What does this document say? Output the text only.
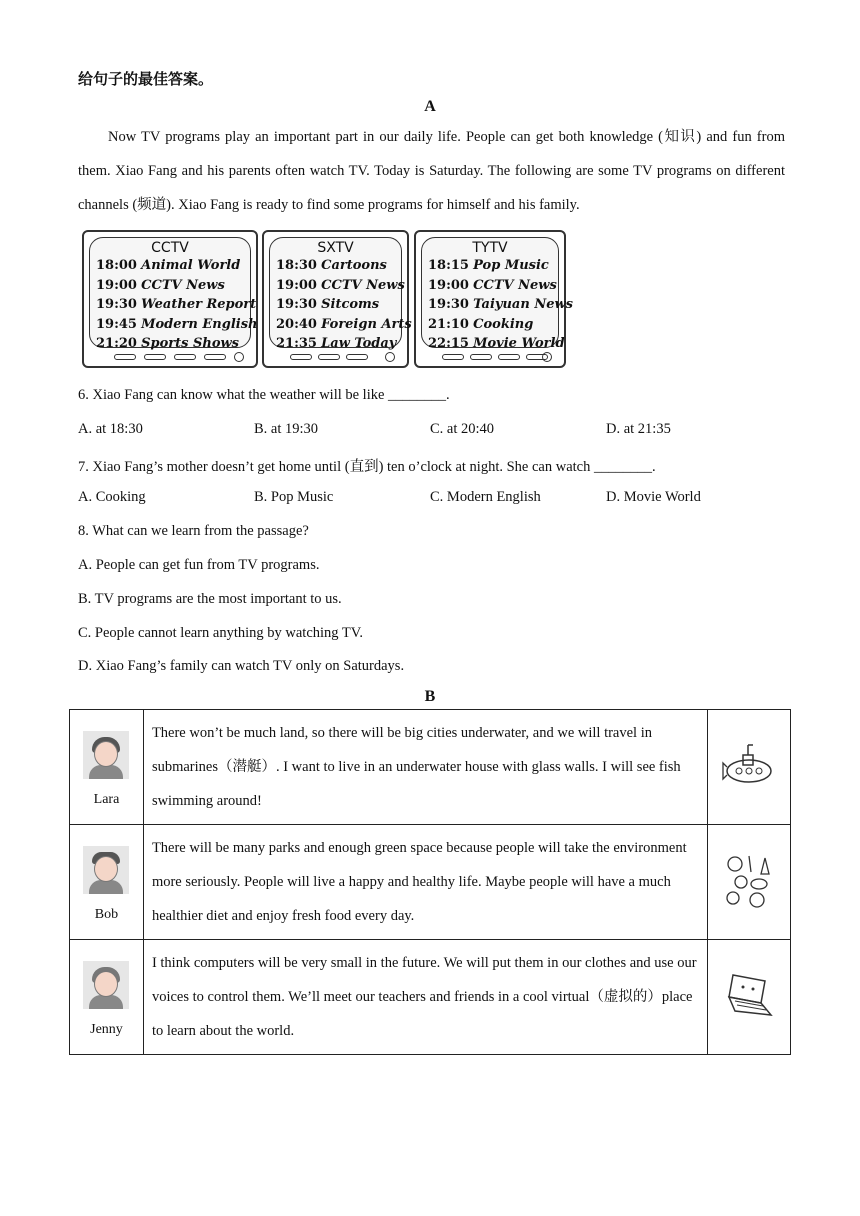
给句子的最佳答案。
A
Now TV programs play an important part in our daily life. People can get both knowledge (知识) and fun from them. Xiao Fang and his parents often watch TV. Today is Saturday. The following are some TV programs on different channels (频道). Xiao Fang is ready to find some programs for himself and his family.
CCTV
18:00 Animal World
19:00 CCTV News
19:30 Weather Report
19:45 Modern English
21:20 Sports Shows
SXTV
18:30 Cartoons
19:00 CCTV News
19:30 Sitcoms
20:40 Foreign Arts
21:35 Law Today
TYTV
18:15 Pop Music
19:00 CCTV News
19:30 Taiyuan News
21:10 Cooking
22:15 Movie World
6. Xiao Fang can know what the weather will be like ________.
A. at 18:30	B. at 19:30	C. at 20:40	D. at 21:35
7. Xiao Fang’s mother doesn’t get home until (直到) ten o’clock at night. She can watch ________.
A. Cooking	B. Pop Music	C. Modern English	D. Movie World
8. What can we learn from the passage?
A. People can get fun from TV programs.
B. TV programs are the most important to us.
C. People cannot learn anything by watching TV.
D. Xiao Fang’s family can watch TV only on Saturdays.
B
Lara	There won’t be much land, so there will be big cities underwater, and we will travel in submarines（潜艇）. I want to live in an underwater house with glass walls. I will see fish swimming around!	

Bob	There will be many parks and enough green space because people will take the environment more seriously. People will live a happy and healthy life. Maybe people will have a much healthier diet and enjoy fresh food every day.	

Jenny	I think computers will be very small in the future. We will put them in our clothes and use our voices to control them. We’ll meet our teachers and friends in a cool virtual（虚拟的）place to learn about the world.	
